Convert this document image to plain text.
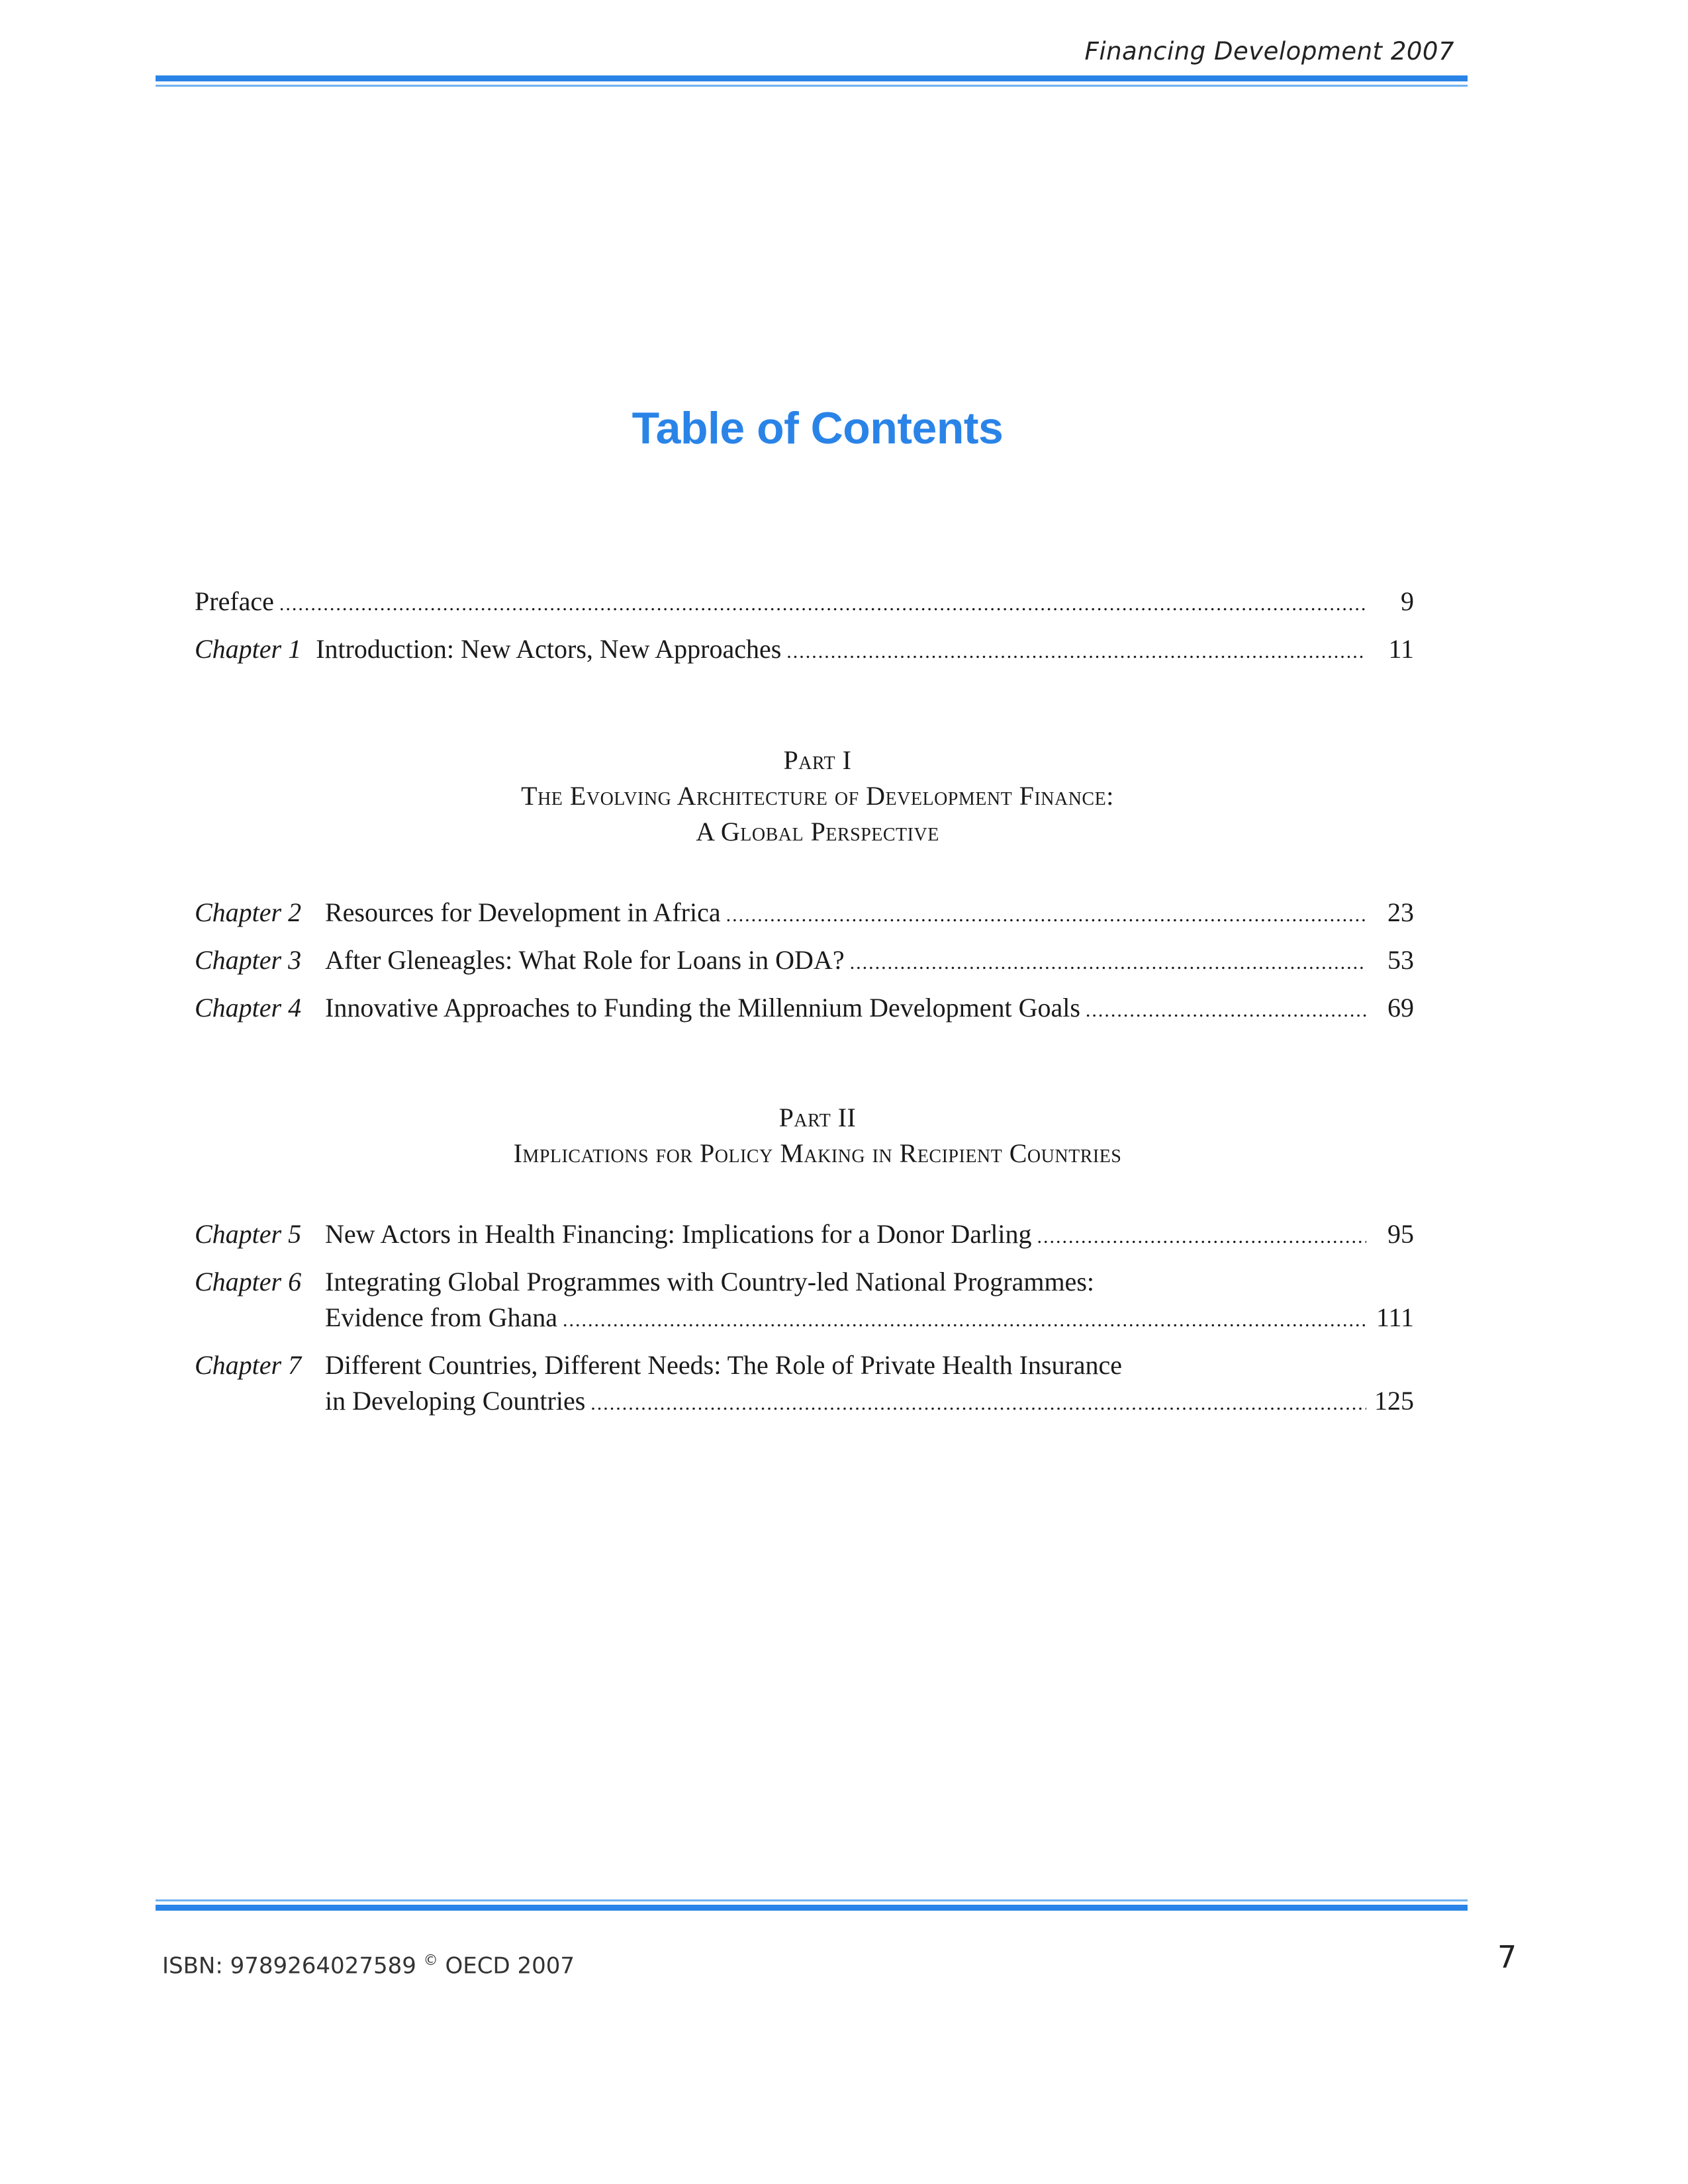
Financing Development 2007
Table of Contents
Preface .....	9
Chapter 1 Introduction: New Actors, New Approaches .....	11
Part I
The Evolving Architecture of Development Finance:
A Global Perspective
Chapter 2 Resources for Development in Africa .....	23
Chapter 3 After Gleneagles: What Role for Loans in ODA? .....	53
Chapter 4 Innovative Approaches to Funding the Millennium Development Goals .....	69
Part II
Implications for Policy Making in Recipient Countries
Chapter 5 New Actors in Health Financing: Implications for a Donor Darling .....	95
Chapter 6 Integrating Global Programmes with Country-led National Programmes:
Evidence from Ghana .....	111
Chapter 7 Different Countries, Different Needs: The Role of Private Health Insurance
in Developing Countries .....	125
ISBN: 9789264027589 © OECD 2007	7
